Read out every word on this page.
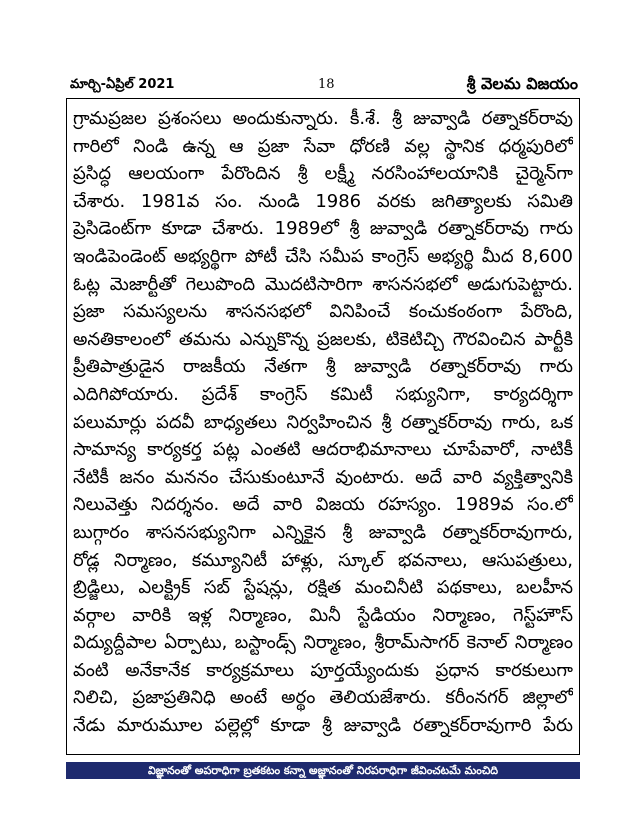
మార్చి-ఏప్రిల్ 2021	18	శ్రీ వెలమ విజయం
గ్రామప్రజల ప్రశంసలు అందుకున్నారు. కీ.శే. శ్రీ జువ్వాడి రత్నాకర్‌రావు
గారిలో నిండి ఉన్న ఆ ప్రజా సేవా ధోరణి వల్ల స్థానిక ధర్మపురిలో
ప్రసిద్ధ ఆలయంగా పేరొందిన శ్రీ లక్ష్మీ నరసింహాలయానికి చైర్మెన్‌గా
చేశారు. 1981వ సం. నుండి 1986 వరకు జగిత్యాలకు సమితి
ప్రెసిడెంట్‌గా కూడా చేశారు. 1989లో శ్రీ జువ్వాడి రత్నాకర్‌రావు గారు
ఇండిపెండెంట్ అభ్యర్థిగా పోటీ చేసి సమీప కాంగ్రెస్ అభ్యర్థి మీద 8,600
ఓట్ల మెజార్టీతో గెలుపొంది మొదటిసారిగా శాసనసభలో అడుగుపెట్టారు.
ప్రజా సమస్యలను శాసనసభలో వినిపించే కంచుకంఠంగా పేరొంది,
అనతికాలంలో తమను ఎన్నుకొన్న ప్రజలకు, టికెటిచ్చి గౌరవించిన పార్టీకి
ప్రీతిపాత్రుడైన రాజకీయ నేతగా శ్రీ జువ్వాడి రత్నాకర్‌రావు గారు
ఎదిగిపోయారు. ప్రదేశ్ కాంగ్రెస్ కమిటీ సభ్యునిగా, కార్యదర్శిగా
పలుమార్లు పదవీ బాధ్యతలు నిర్వహించిన శ్రీ రత్నాకర్‌రావు గారు, ఒక
సామాన్య కార్యకర్త పట్ల ఎంతటి ఆదరాభిమానాలు చూపేవారో, నాటికీ
నేటికీ జనం మననం చేసుకుంటూనే వుంటారు. అదే వారి వ్యక్తిత్వానికి
నిలువెత్తు నిదర్శనం. అదే వారి విజయ రహస్యం. 1989వ సం.లో
బుగ్గారం శాసనసభ్యునిగా ఎన్నికైన శ్రీ జువ్వాడి రత్నాకర్‌రావుగారు,
రోడ్ల నిర్మాణం, కమ్యూనిటీ హాళ్లు, స్కూల్ భవనాలు, ఆసుపత్రులు,
బ్రిడ్జిలు, ఎలక్ట్రిక్ సబ్ స్టేషన్లు, రక్షిత మంచినీటి పథకాలు, బలహీన
వర్గాల వారికి ఇళ్ల నిర్మాణం, మినీ స్టేడియం నిర్మాణం, గెస్ట్‌హౌస్
విద్యుద్దీపాల ఏర్పాటు, బస్టాండ్స్ నిర్మాణం, శ్రీరామ్‌సాగర్ కెనాల్ నిర్మాణం
వంటి అనేకానేక కార్యక్రమాలు పూర్తయ్యేందుకు ప్రధాన కారకులుగా
నిలిచి, ప్రజాప్రతినిధి అంటే అర్థం తెలియజేశారు. కరీంనగర్ జిల్లాలో
నేడు మారుమూల పల్లెల్లో కూడా శ్రీ జువ్వాడి రత్నాకర్‌రావుగారి పేరు
విజ్ఞానంతో అపరాధిగా బ్రతకటం కన్నా అజ్ఞానంతో నిరపరాధిగా జీవించటమే మంచిది
